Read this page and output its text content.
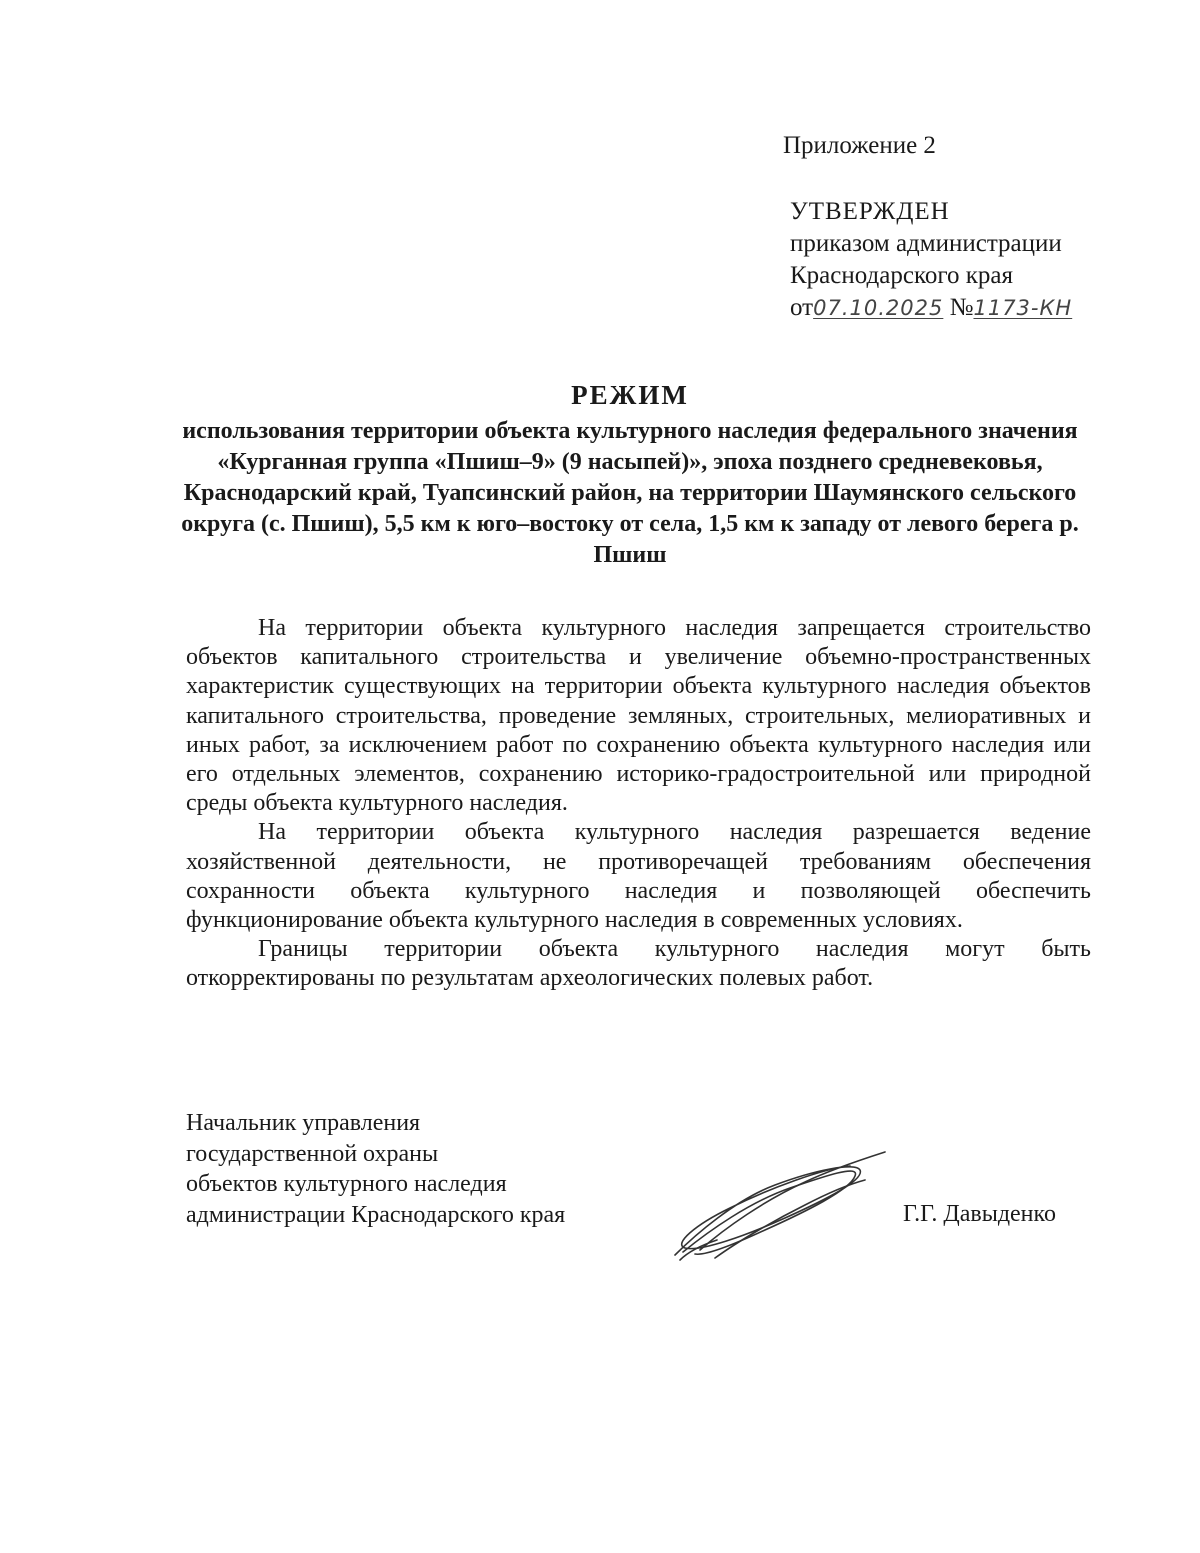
Приложение 2
УТВЕРЖДЕН
приказом администрации
Краснодарского края
от07.10.2025 №1173-КН
РЕЖИМ
использования территории объекта культурного наследия федерального значения «Курганная группа «Пшиш–9» (9 насыпей)», эпоха позднего средневековья, Краснодарский край, Туапсинский район, на территории Шаумянского сельского округа (с. Пшиш), 5,5 км к юго–востоку от села, 1,5 км к западу от левого берега р. Пшиш

На территории объекта культурного наследия запрещается строительство объектов капитального строительства и увеличение объемно-пространственных характеристик существующих на территории объекта культурного наследия объектов капитального строительства, проведение земляных, строительных, мелиоративных и иных работ, за исключением работ по сохранению объекта культурного наследия или его отдельных элементов, сохранению историко-градостроительной или природной среды объекта культурного наследия.

На территории объекта культурного наследия разрешается ведение хозяйственной деятельности, не противоречащей требованиям обеспечения сохранности объекта культурного наследия и позволяющей обеспечить функционирование объекта культурного наследия в современных условиях.

Границы территории объекта культурного наследия могут быть откорректированы по результатам археологических полевых работ.

Начальник управления
государственной охраны
объектов культурного наследия
администрации Краснодарского края	Г.Г. Давыденко
